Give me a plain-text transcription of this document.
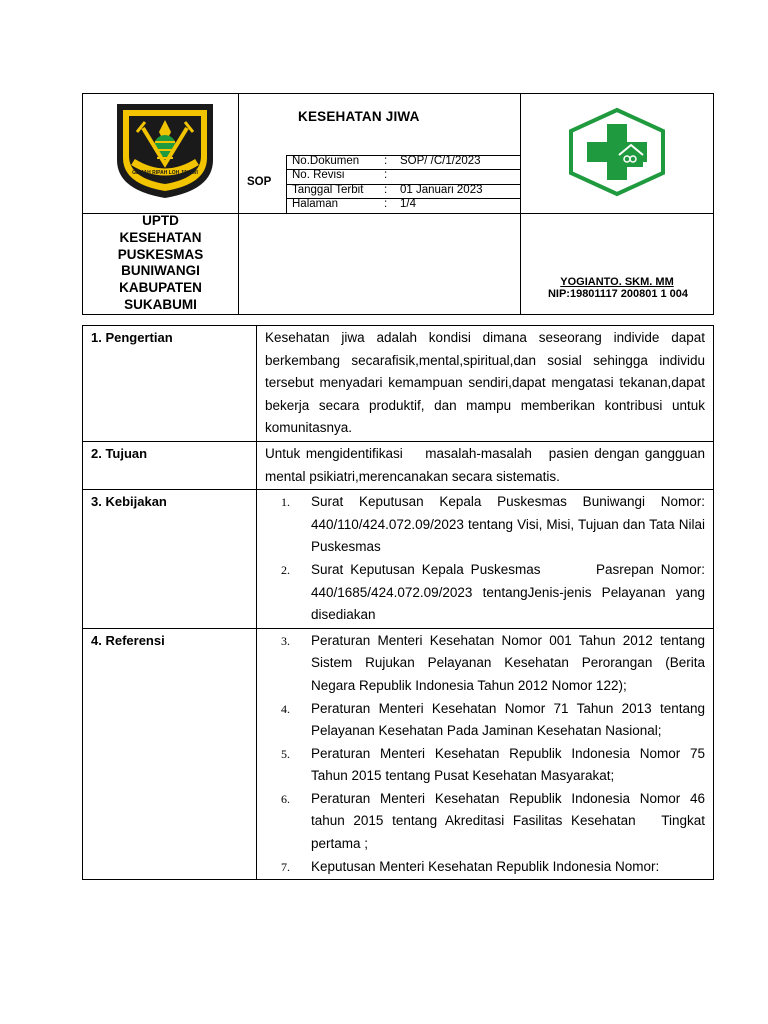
GEMAH RIPAH LOH JINAWI
KESEHATAN JIWA
SOP
UPTD
KESEHATAN
PUSKESMAS
BUNIWANGI
KABUPATEN
SUKABUMI
YOGIANTO. SKM. MM
NIP:19801117 200801 1 004
No.Dokumen : SOP/ /C/1/2023
No. Revisi	:
Tanggal Terbit : 01 Januari 2023
Halaman	: 1/4
1. Pengertian	Kesehatan jiwa adalah kondisi dimana seseorang individe dapat berkembang secarafisik,mental,spiritual,dan sosial sehingga individu tersebut menyadari kemampuan sendiri,dapat mengatasi tekanan,dapat bekerja secara produktif, dan mampu memberikan kontribusi untuk komunitasnya.
2. Tujuan	Untuk mengidentifikasi    masalah-masalah   pasien dengan gangguan mental psikiatri,merencanakan secara sistematis.
3. Kebijakan	1.	Surat Keputusan Kepala Puskesmas Buniwangi Nomor: 440/110/424.072.09/2023 tentang Visi, Misi, Tujuan dan Tata Nilai Puskesmas
2.	Surat Keputusan Kepala Puskesmas        Pasrepan Nomor: 440/1685/424.072.09/2023 tentangJenis-jenis Pelayanan yang disediakan
4. Referensi	3.	Peraturan Menteri Kesehatan Nomor 001 Tahun 2012 tentang Sistem Rujukan Pelayanan Kesehatan Perorangan (Berita Negara Republik Indonesia Tahun 2012 Nomor 122);
4.	Peraturan Menteri Kesehatan Nomor 71 Tahun 2013 tentang Pelayanan Kesehatan Pada Jaminan Kesehatan Nasional;
5.	Peraturan Menteri Kesehatan Republik Indonesia Nomor 75 Tahun 2015 tentang Pusat Kesehatan Masyarakat;
6.	Peraturan Menteri Kesehatan Republik Indonesia Nomor 46 tahun 2015 tentang Akreditasi Fasilitas Kesehatan   Tingkat pertama ;
7.	Keputusan Menteri Kesehatan Republik Indonesia Nomor:
